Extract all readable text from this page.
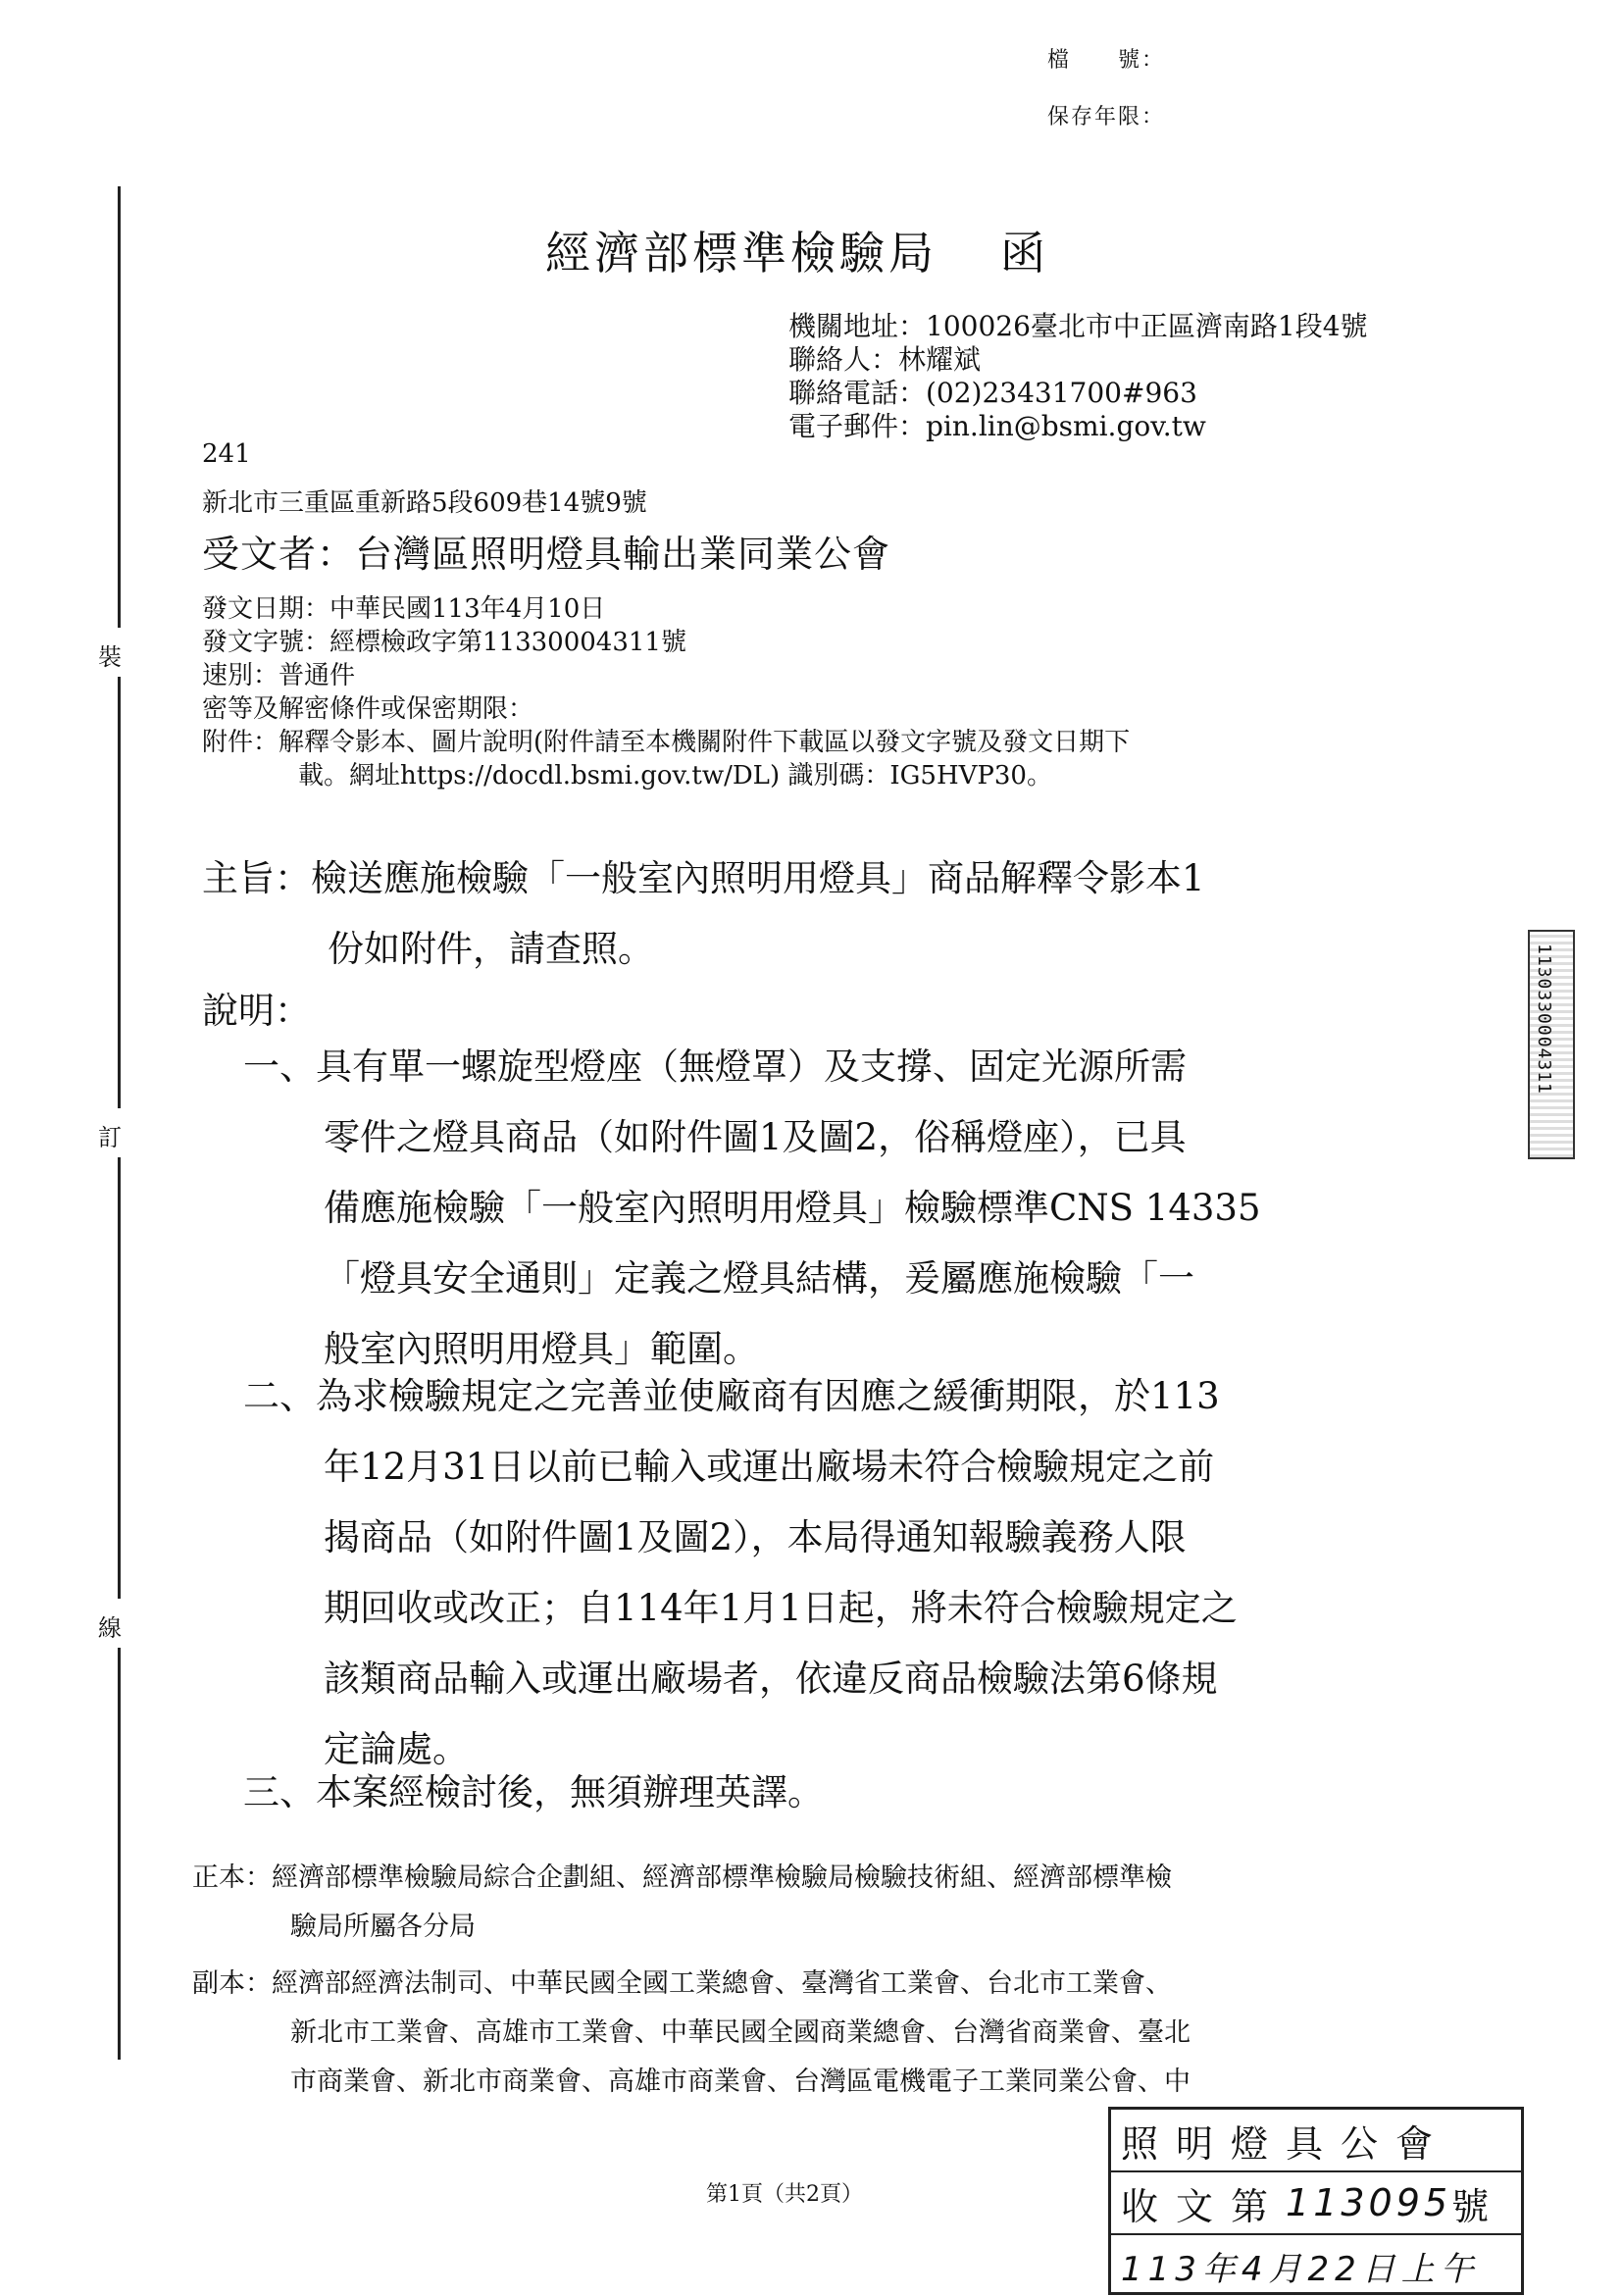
檔　　號：
保存年限：
裝
訂
線
經濟部標準檢驗局 函
機關地址：100026臺北市中正區濟南路1段4號
聯絡人：林耀斌
聯絡電話：(02)23431700#963
電子郵件：pin.lin@bsmi.gov.tw
241
新北市三重區重新路5段609巷14號9號
受文者：台灣區照明燈具輸出業同業公會
發文日期：中華民國113年4月10日
發文字號：經標檢政字第11330004311號
速別：普通件
密等及解密條件或保密期限：
附件：解釋令影本、圖片說明(附件請至本機關附件下載區以發文字號及發文日期下
載。網址https://docdl.bsmi.gov.tw/DL) 識別碼：IG5HVP30。
主旨：檢送應施檢驗「一般室內照明用燈具」商品解釋令影本1
份如附件，請查照。
說明：
一、具有單一螺旋型燈座（無燈罩）及支撐、固定光源所需
零件之燈具商品（如附件圖1及圖2，俗稱燈座），已具
備應施檢驗「一般室內照明用燈具」檢驗標準CNS 14335
「燈具安全通則」定義之燈具結構，爰屬應施檢驗「一
般室內照明用燈具」範圍。
二、為求檢驗規定之完善並使廠商有因應之緩衝期限，於113
年12月31日以前已輸入或運出廠場未符合檢驗規定之前
揭商品（如附件圖1及圖2），本局得通知報驗義務人限
期回收或改正；自114年1月1日起，將未符合檢驗規定之
該類商品輸入或運出廠場者，依違反商品檢驗法第6條規
定論處。
三、本案經檢討後，無須辦理英譯。
正本：經濟部標準檢驗局綜合企劃組、經濟部標準檢驗局檢驗技術組、經濟部標準檢
驗局所屬各分局
副本：經濟部經濟法制司、中華民國全國工業總會、臺灣省工業會、台北市工業會、
新北市工業會、高雄市工業會、中華民國全國商業總會、台灣省商業會、臺北
市商業會、新北市商業會、高雄市商業會、台灣區電機電子工業同業公會、中
第1頁（共2頁）
1130330004311
照明燈具公會
收文第 113095 號
113年4月22日上午
